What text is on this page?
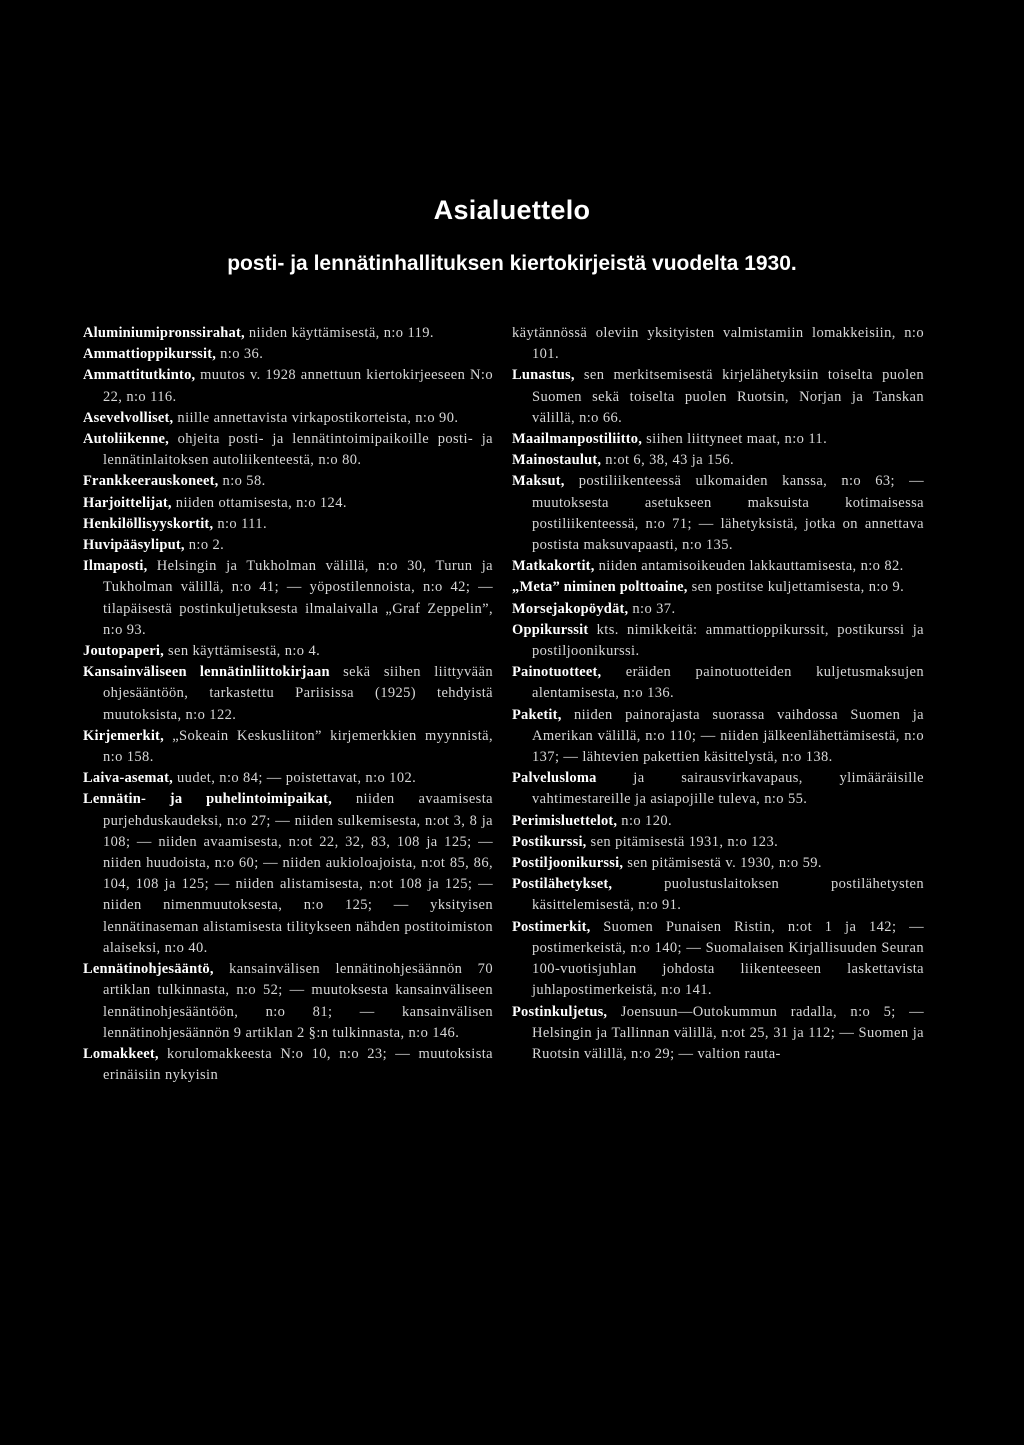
Asialuettelo
posti- ja lennätinhallituksen kiertokirjeistä vuodelta 1930.

Aluminiumipronssirahat, niiden käyttämisestä, n:o 119.

Ammattioppikurssit, n:o 36.

Ammattitutkinto, muutos v. 1928 annettuun kiertokirjeeseen N:o 22, n:o 116.

Asevelvolliset, niille annettavista virkapostikorteista, n:o 90.

Autoliikenne, ohjeita posti- ja lennätintoimipaikoille posti- ja lennätinlaitoksen autoliikenteestä, n:o 80.

Frankkeerauskoneet, n:o 58.

Harjoittelijat, niiden ottamisesta, n:o 124.

Henkilöllisyyskortit, n:o 111.

Huvipääsyliput, n:o 2.

Ilmaposti, Helsingin ja Tukholman välillä, n:o 30, Turun ja Tukholman välillä, n:o 41; — yöpostilennoista, n:o 42; — tilapäisestä postinkuljetuksesta ilmalaivalla „Graf Zeppelin”, n:o 93.

Joutopaperi, sen käyttämisestä, n:o 4.

Kansainväliseen lennätinliittokirjaan sekä siihen liittyvään ohjesääntöön, tarkastettu Pariisissa (1925) tehdyistä muutoksista, n:o 122.

Kirjemerkit, „Sokeain Keskusliiton” kirjemerkkien myynnistä, n:o 158.

Laiva-asemat, uudet, n:o 84; — poistettavat, n:o 102.

Lennätin- ja puhelintoimipaikat, niiden avaamisesta purjehduskaudeksi, n:o 27; — niiden sulkemisesta, n:ot 3, 8 ja 108; — niiden avaamisesta, n:ot 22, 32, 83, 108 ja 125; — niiden huudoista, n:o 60; — niiden aukioloajoista, n:ot 85, 86, 104, 108 ja 125; — niiden alistamisesta, n:ot 108 ja 125; — niiden nimenmuutoksesta, n:o 125; — yksityisen lennätinaseman alistamisesta tilitykseen nähden postitoimiston alaiseksi, n:o 40.

Lennätinohjesääntö, kansainvälisen lennätinohjesäännön 70 artiklan tulkinnasta, n:o 52; — muutoksesta kansainväliseen lennätinohjesääntöön, n:o 81; — kansainvälisen lennätinohjesäännön 9 artiklan 2 §:n tulkinnasta, n:o 146.

Lomakkeet, korulomakkeesta N:o 10, n:o 23; — muutoksista erinäisiin nykyisin

käytännössä oleviin yksityisten valmistamiin lomakkeisiin, n:o 101.

Lunastus, sen merkitsemisestä kirjelähetyksiin toiselta puolen Suomen sekä toiselta puolen Ruotsin, Norjan ja Tanskan välillä, n:o 66.

Maailmanpostiliitto, siihen liittyneet maat, n:o 11.

Mainostaulut, n:ot 6, 38, 43 ja 156.

Maksut, postiliikenteessä ulkomaiden kanssa, n:o 63; — muutoksesta asetukseen maksuista kotimaisessa postiliikenteessä, n:o 71; — lähetyksistä, jotka on annettava postista maksuvapaasti, n:o 135.

Matkakortit, niiden antamisoikeuden lakkauttamisesta, n:o 82.

„Meta” niminen polttoaine, sen postitse kuljettamisesta, n:o 9.

Morsejakopöydät, n:o 37.

Oppikurssit kts. nimikkeitä: ammattioppikurssit, postikurssi ja postiljoonikurssi.

Painotuotteet, eräiden painotuotteiden kuljetusmaksujen alentamisesta, n:o 136.

Paketit, niiden painorajasta suorassa vaihdossa Suomen ja Amerikan välillä, n:o 110; — niiden jälkeenlähettämisestä, n:o 137; — lähtevien pakettien käsittelystä, n:o 138.

Palvelusloma ja sairausvirkavapaus, ylimääräisille vahtimestareille ja asiapojille tuleva, n:o 55.

Perimisluettelot, n:o 120.

Postikurssi, sen pitämisestä 1931, n:o 123.

Postiljoonikurssi, sen pitämisestä v. 1930, n:o 59.

Postilähetykset, puolustuslaitoksen postilähetysten käsittelemisestä, n:o 91.

Postimerkit, Suomen Punaisen Ristin, n:ot 1 ja 142; — postimerkeistä, n:o 140; — Suomalaisen Kirjallisuuden Seuran 100-vuotisjuhlan johdosta liikenteeseen laskettavista juhlapostimerkeistä, n:o 141.

Postinkuljetus, Joensuun—Outokummun radalla, n:o 5; — Helsingin ja Tallinnan välillä, n:ot 25, 31 ja 112; — Suomen ja Ruotsin välillä, n:o 29; — valtion rauta-
